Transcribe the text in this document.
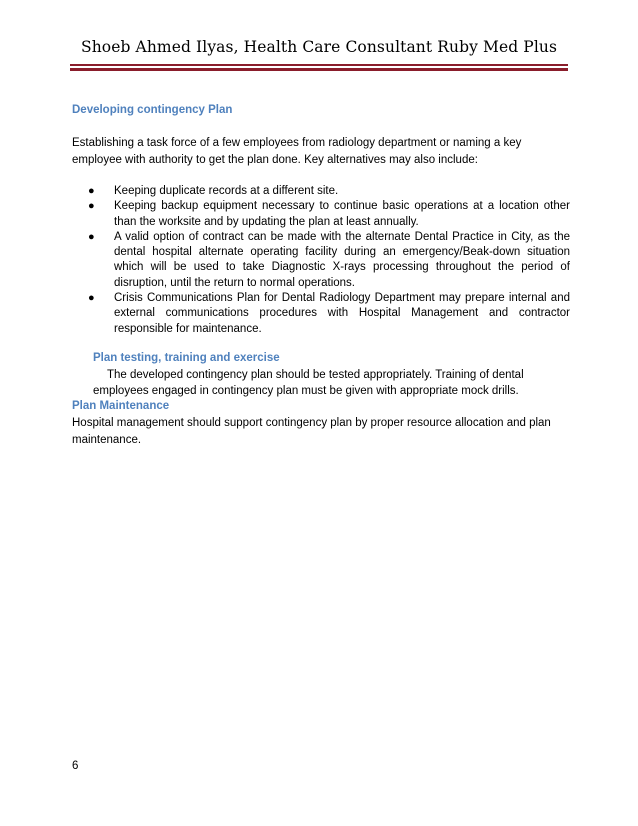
Shoeb Ahmed Ilyas, Health Care Consultant Ruby Med Plus
Developing contingency Plan

Establishing a task force of a few employees from radiology department or naming a key employee with authority to get the plan done. Key alternatives may also include:

● Keeping duplicate records at a different site.
● Keeping backup equipment necessary to continue basic operations at a location other than the worksite and by updating the plan at least annually.
● A valid option of contract can be made with the alternate Dental Practice in City, as the dental hospital alternate operating facility during an emergency/Beak-down situation which will be used to take Diagnostic X-rays processing throughout the period of disruption, until the return to normal operations.
● Crisis Communications Plan for Dental Radiology Department may prepare internal and external communications procedures with Hospital Management and contractor responsible for maintenance.
Plan testing, training and exercise

The developed contingency plan should be tested appropriately. Training of dental employees engaged in contingency plan must be given with appropriate mock drills.

Plan Maintenance

Hospital management should support contingency plan by proper resource allocation and plan maintenance.

6
